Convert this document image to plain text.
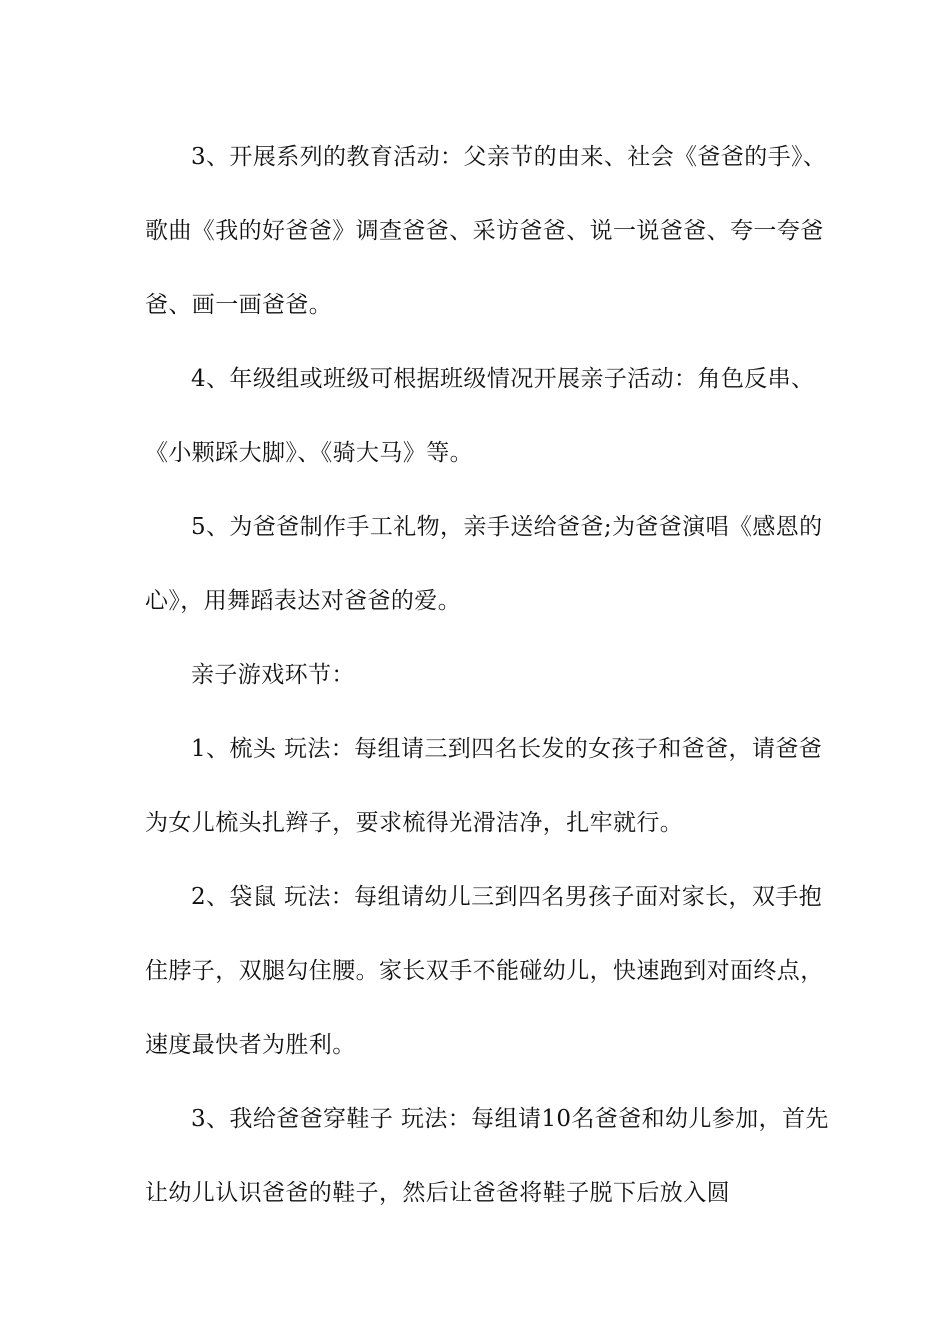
3、开展系列的教育活动：父亲节的由来、社会《爸爸的手》、歌曲《我的好爸爸》调查爸爸、采访爸爸、说一说爸爸、夸一夸爸爸、画一画爸爸。

4、年级组或班级可根据班级情况开展亲子活动：角色反串、《小颗踩大脚》、《骑大马》等。

5、为爸爸制作手工礼物，亲手送给爸爸;为爸爸演唱《感恩的心》，用舞蹈表达对爸爸的爱。

亲子游戏环节：

1、梳头 玩法：每组请三到四名长发的女孩子和爸爸，请爸爸为女儿梳头扎辫子，要求梳得光滑洁净，扎牢就行。

2、袋鼠 玩法：每组请幼儿三到四名男孩子面对家长，双手抱住脖子，双腿勾住腰。家长双手不能碰幼儿，快速跑到对面终点，速度最快者为胜利。

3、我给爸爸穿鞋子 玩法：每组请10名爸爸和幼儿参加，首先让幼儿认识爸爸的鞋子，然后让爸爸将鞋子脱下后放入圆
